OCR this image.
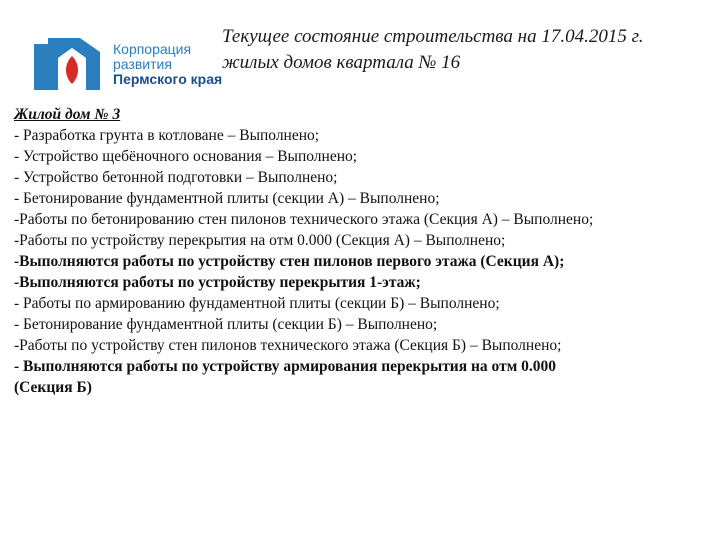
Корпорация
развития
Пермского края
Текущее состояние строительства на 17.04.2015 г.
жилых домов квартала № 16
Жилой дом № 3
- Разработка грунта в котловане – Выполнено;
- Устройство щебёночного основания – Выполнено;
- Устройство бетонной подготовки – Выполнено;
- Бетонирование фундаментной плиты (секции А) – Выполнено;
-Работы по бетонированию стен пилонов технического этажа (Секция А) – Выполнено;
-Работы по устройству перекрытия на отм 0.000 (Секция А) – Выполнено;
-Выполняются работы по устройству стен пилонов первого этажа (Секция А);
-Выполняются работы по устройству перекрытия 1-этаж;
- Работы по армированию фундаментной плиты (секции Б) – Выполнено;
- Бетонирование фундаментной плиты (секции Б) – Выполнено;
-Работы по устройству стен пилонов технического этажа (Секция Б) – Выполнено;
- Выполняются работы по устройству армирования перекрытия на отм 0.000
(Секция Б)
